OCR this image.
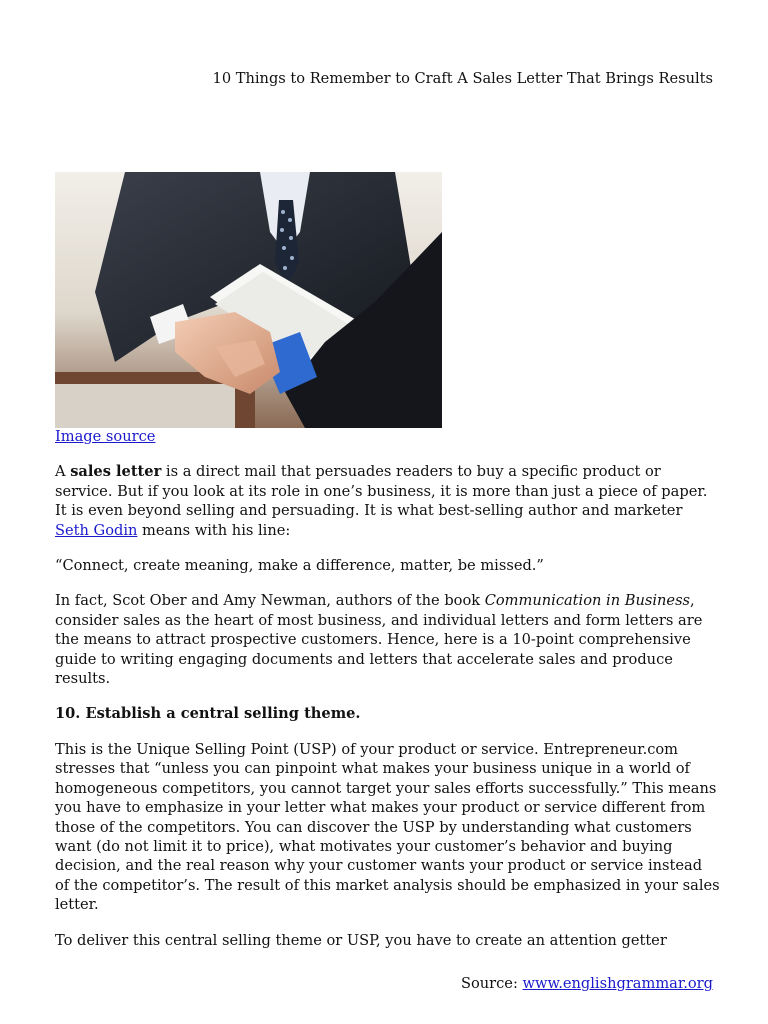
10 Things to Remember to Craft A Sales Letter That Brings Results

Image source

A sales letter is a direct mail that persuades readers to buy a specific product or service. But if you look at its role in one’s business, it is more than just a piece of paper. It is even beyond selling and persuading. It is what best-selling author and marketer Seth Godin means with his line:

“Connect, create meaning, make a difference, matter, be missed.”

In fact, Scot Ober and Amy Newman, authors of the book Communication in Business, consider sales as the heart of most business, and individual letters and form letters are the means to attract prospective customers. Hence, here is a 10-point comprehensive guide to writing engaging documents and letters that accelerate sales and produce results.

10. Establish a central selling theme.

This is the Unique Selling Point (USP) of your product or service. Entrepreneur.com stresses that “unless you can pinpoint what makes your business unique in a world of homogeneous competitors, you cannot target your sales efforts successfully.” This means you have to emphasize in your letter what makes your product or service different from those of the competitors. You can discover the USP by understanding what customers want (do not limit it to price), what motivates your customer’s behavior and buying decision, and the real reason why your customer wants your product or service instead of the competitor’s. The result of this market analysis should be emphasized in your sales letter.

To deliver this central selling theme or USP, you have to create an attention getter

Source: www.englishgrammar.org
